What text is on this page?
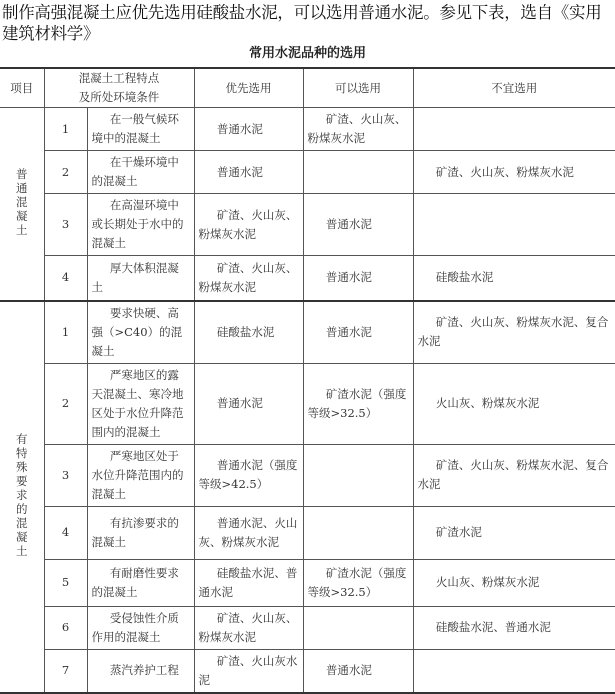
制作高强混凝土应优先选用硅酸盐水泥，可以选用普通水泥。参见下表，选自《实用建筑材料学》
常用水泥品种的选用
项目	混凝土工程特点及所处环境条件		优先选用	可以选用	不宜选用
普通混凝土	1	在一般气候环境中的混凝土	普通水泥	矿渣、火山灰、粉煤灰水泥	
	2	在干燥环境中的混凝土	普通水泥		矿渣、火山灰、粉煤灰水泥
	3	在高湿环境中或长期处于水中的混凝土	矿渣、火山灰、粉煤灰水泥	普通水泥	
	4	厚大体积混凝土	矿渣、火山灰、粉煤灰水泥	普通水泥	硅酸盐水泥
有特殊要求的混凝土	1	要求快硬、高强（>C40）的混凝土	硅酸盐水泥	普通水泥	矿渣、火山灰、粉煤灰水泥、复合水泥
	2	严寒地区的露天混凝土、寒冷地区处于水位升降范围内的混凝土	普通水泥	矿渣水泥（强度等级>32.5）	火山灰、粉煤灰水泥
	3	严寒地区处于水位升降范围内的混凝土	普通水泥（强度等级>42.5）		矿渣、火山灰、粉煤灰水泥、复合水泥
	4	有抗渗要求的混凝土	普通水泥、火山灰、粉煤灰水泥		矿渣水泥
	5	有耐磨性要求的混凝土	硅酸盐水泥、普通水泥	矿渣水泥（强度等级>32.5）	火山灰、粉煤灰水泥
	6	受侵蚀性介质作用的混凝土	矿渣、火山灰、粉煤灰水泥		硅酸盐水泥、普通水泥
	7	蒸汽养护工程	矿渣、火山灰水泥	普通水泥	
